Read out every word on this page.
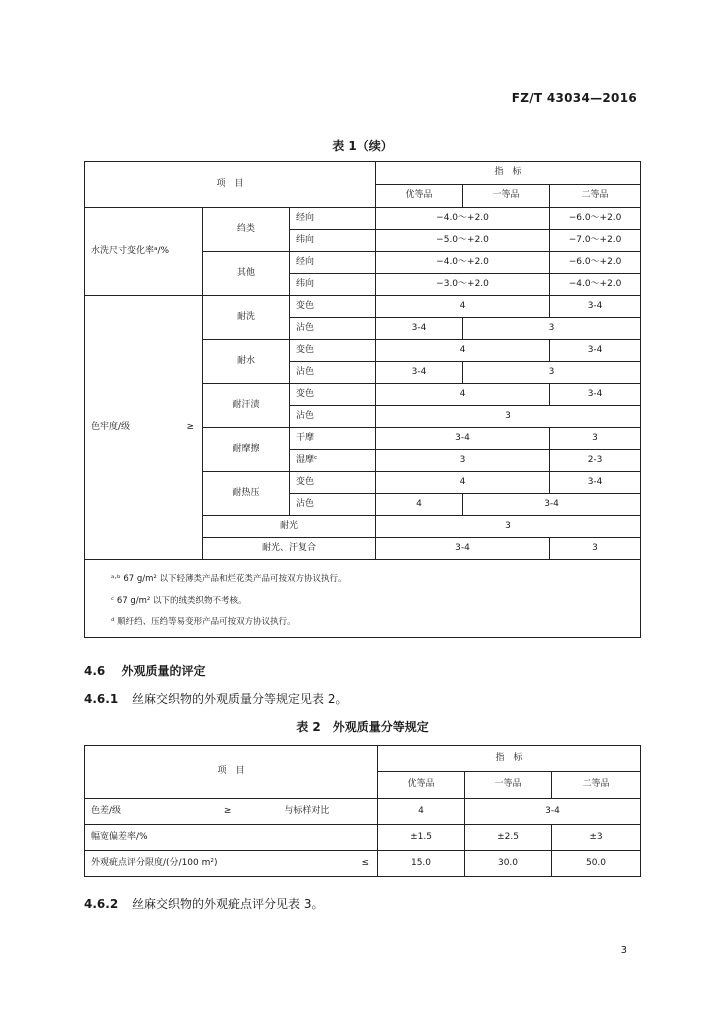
FZ/T 43034—2016
表 1（续）
项　目			指　标		
			优等品	一等品	二等品
水洗尺寸变化率ᵃ/%	绉类	经向	−4.0～+2.0		−6.0～+2.0
		纬向	−5.0～+2.0		−7.0～+2.0
	其他	经向	−4.0～+2.0		−6.0～+2.0
		纬向	−3.0～+2.0		−4.0～+2.0
色牢度/级 ≥	耐洗	变色	4		3-4
		沾色	3-4	3	
	耐水	变色	4		3-4
		沾色	3-4	3	
	耐汗渍	变色	4		3-4
		沾色	3		
	耐摩擦	干摩	3-4		3
		湿摩ᶜ	3		2-3
	耐热压	变色	4		3-4
		沾色	4	3-4	
	耐光		3		
	耐光、汗复合		3-4		3

ᵃ·ᵇ 67 g/m² 以下轻薄类产品和烂花类产品可按双方协议执行。
ᶜ 67 g/m² 以下的绒类织物不考核。
ᵈ 顺纡绉、压绉等易变形产品可按双方协议执行。
4.6 外观质量的评定
4.6.1 丝麻交织物的外观质量分等规定见表 2。
表 2　外观质量分等规定
项　目	指　标		
	优等品	一等品	二等品
色差/级 ≥ 与标样对比	4	3-4	
幅宽偏差率/%	±1.5	±2.5	±3
外观疵点评分限度/(分/100 m²) ≤	15.0	30.0	50.0
4.6.2 丝麻交织物的外观疵点评分见表 3。
3
